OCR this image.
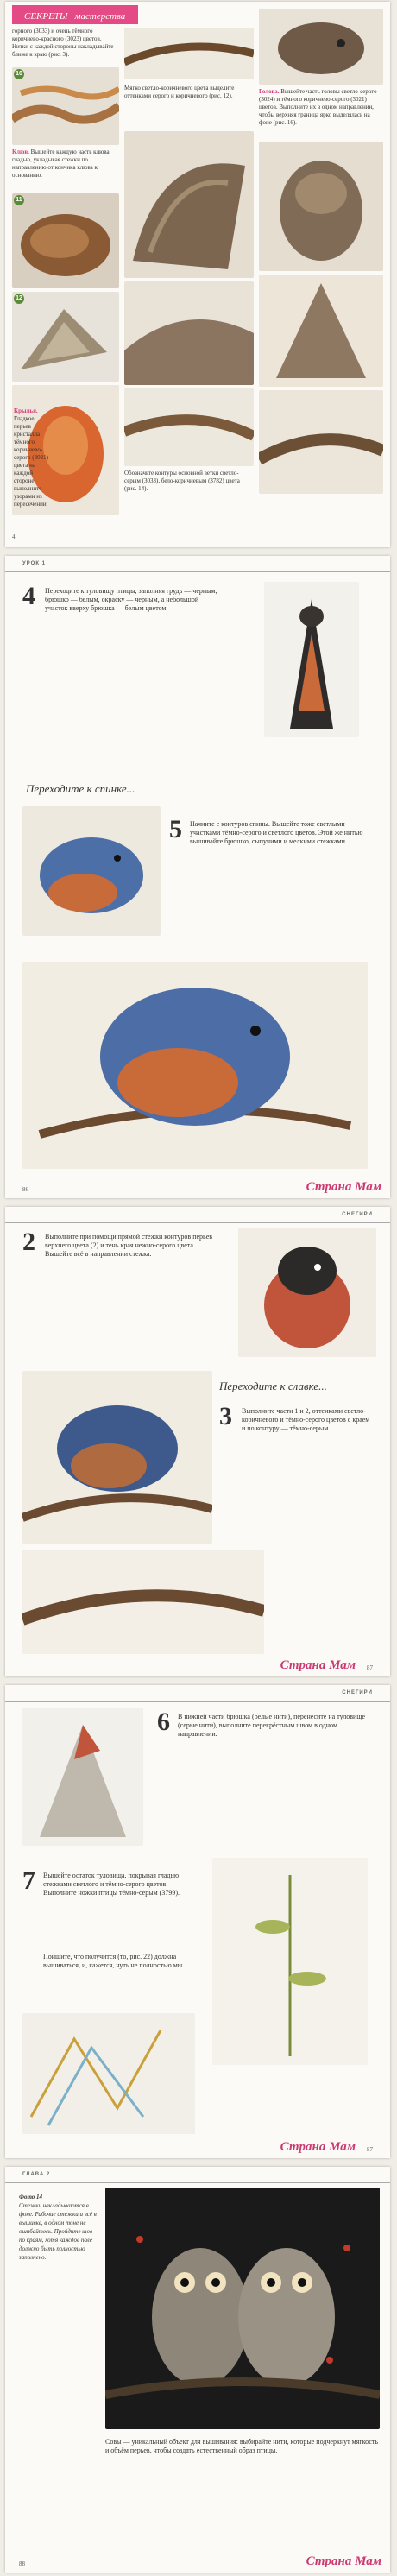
СЕКРЕТЫ мастерства
горного (3033) и очень тёмного коричнево-красного (3023) цветов. Нитки с каждой стороны накладывайте ближе к краю (рис. 3).
10
Клюв. Вышейте каждую часть клюва гладью, укладывая стежки по направлению от кончика клюва к основанию.
11
12
Крылья. Гладкое перьев кристалла тёмного коричнево-серого (3031) цвета на каждой стороне выполните узорами из пересечений.
Мягко светло-коричневого цвета выделите оттенками серого и коричневого (рис. 12).
Обозначьте контуры основной ветки светло-серым (3033), бело-коричневым (3782) цвета (рис. 14).
Голова. Вышейте часть головы светло-серого (3024) и тёмного коричнево-серого (3021) цветов. Выполните их в одном направлении, чтобы верхняя граница ярко выделялась на фоне (рис. 16).
4
УРОК 1
4 Переходите к туловищу птицы, заполняя грудь — черным, брюшко — белым, окраску — черным, а небольшой участок вверху брюшка — белым цветом.
Переходите к спинке...
5 Начните с контуров спины. Вышейте тоже светлыми участками тёмно-серого и светлого цветов. Этой же нитью вышивайте брюшко, сыпучими и мелкими стежками.
86	Страна Мам
СНЕГИРИ
2 Выполните при помощи прямой стежки контуров перьев верхнего цвета (2) и тень края нежно-серого цвета. Вышейте всё в направлении стежка.
Переходите к славке...
3 Выполните части 1 и 2, оттенками светло-коричневого и тёмно-серого цветов с краем и по контуру — тёмно-серым.
87
Страна Мам
СНЕГИРИ
6 В нижней части брюшка (белые нити), перенесите на туловище (серые нити), выполните перекрёстным швом в одном направлении.
7 Вышейте остаток туловища, покрывая гладью стежками светлого и тёмно-серого цветов. Выполните ножки птицы тёмно-серым (3799).
Поищите, что получится (то, рис. 22) должна вышиваться, и, кажется, чуть не полностью мы.
87
Страна Мам
ГЛАВА 2
Фото 14
Стежки накладываются в фоне. Рабочие стежки и всё в вышивке, в одном тоне не ошибайтесь. Пройдите шов по краям, хотя каждое поле должно быть полностью заполнено.
Совы — уникальный объект для вышивания: выбирайте нити, которые подчеркнут мягкость и объём перьев, чтобы создать естественный образ птицы.
88	Страна Мам
